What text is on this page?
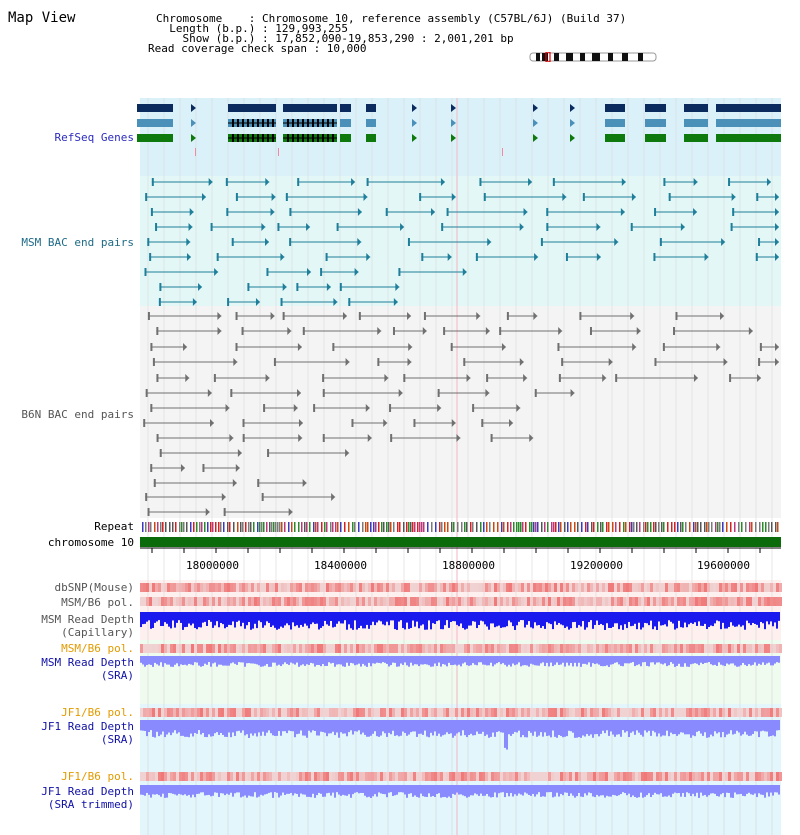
Map View	Chromosome    : Chromosome 10, reference assembly (C57BL/6J) (Build 37)
Length (b.p.) : 129,993,255
Show (b.p.) : 17,852,090-19,853,290 : 2,001,201 bp
Read coverage check span : 10,000
RefSeq Genes
MSM BAC end pairs
B6N BAC end pairs
Repeat
chromosome 10
dbSNP(Mouse)
MSM/B6 pol.
MSM Read Depth
(Capillary)
MSM/B6 pol.
MSM Read Depth
(SRA)
JF1/B6 pol.
JF1 Read Depth
(SRA)
JF1/B6 pol.
JF1 Read Depth
(SRA trimmed)
18000000	18400000	18800000	19200000	19600000
